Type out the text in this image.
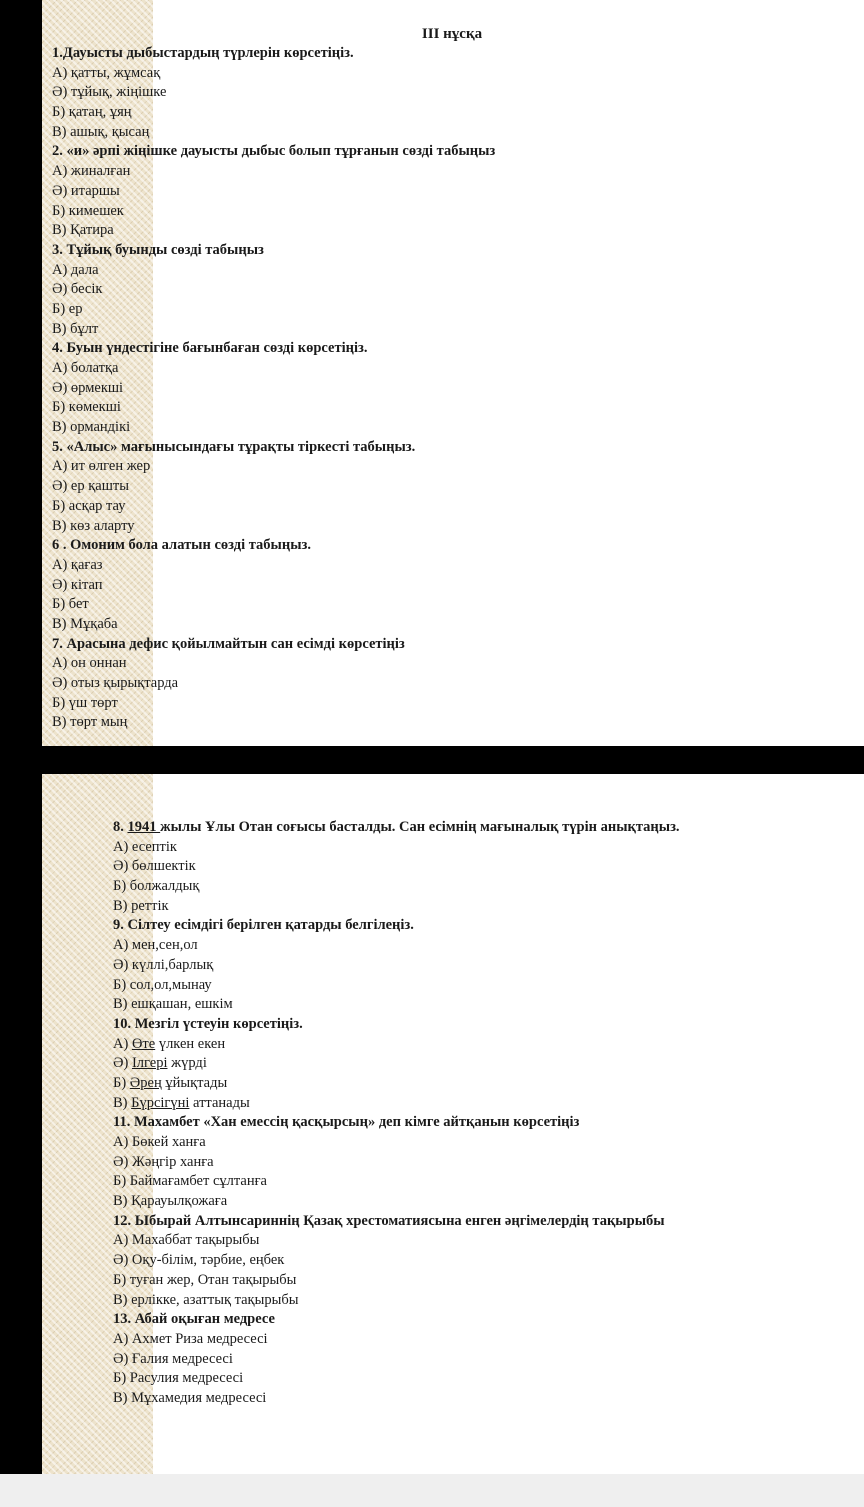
III нұсқа
1.Дауысты дыбыстардың түрлерін көрсетіңіз.
А) қатты, жұмсақ
Ә) тұйық, жіңішке
Б) қатаң, ұяң
В) ашық, қысаң
2. «и» әрпі жіңішке дауысты дыбыс болып тұрғанын сөзді табыңыз
А) жиналған
Ә) итаршы
Б) кимешек
В) Қатира
3. Тұйық буынды сөзді табыңыз
А) дала
Ә) бесік
Б) ер
В) бұлт
4. Буын үндестігіне бағынбаған сөзді көрсетіңіз.
А) болатқа
Ә) өрмекші
Б) көмекші
В) ормандікі
5. «Алыс» мағынысындағы тұрақты тіркесті табыңыз.
А) ит өлген жер
Ә) ер қашты
Б) асқар тау
В) көз аларту
6 . Омоним бола алатын сөзді табыңыз.
А) қағаз
Ә) кітап
Б) бет
В) Мұқаба
7. Арасына дефис қойылмайтын сан есімді көрсетіңіз
А) он оннан
Ә) отыз қырықтарда
Б) үш төрт
В) төрт мың
8. 1941 жылы Ұлы Отан соғысы басталды. Сан есімнің мағыналық түрін анықтаңыз.
А) есептік
Ә) бөлшектік
Б) болжалдық
В) реттік
9. Сілтеу есімдігі берілген қатарды белгілеңіз.
А) мен,сен,ол
Ә) күллі,барлық
Б) сол,ол,мынау
В) ешқашан, ешкім
10. Мезгіл үстеуін көрсетіңіз.
А) Өте үлкен екен
Ә) Ілгері жүрді
Б) Әрең ұйықтады
В) Бүрсігүні аттанады
11. Махамбет «Хан емессің қасқырсың» деп кімге айтқанын көрсетіңіз
А) Бөкей ханға
Ә) Жәңгір ханға
Б) Баймағамбет сұлтанға
В) Қарауылқожаға
12. Ыбырай Алтынсариннің Қазақ хрестоматиясына енген әңгімелердің тақырыбы
А) Махаббат тақырыбы
Ә) Оқу-білім, тәрбие, еңбек
Б) туған жер, Отан тақырыбы
В) ерлікке, азаттық тақырыбы
13. Абай оқыған медресе
А) Ахмет Риза медресесі
Ә) Ғалия медресесі
Б) Расулия медресесі
В) Мұхамедия медресесі
